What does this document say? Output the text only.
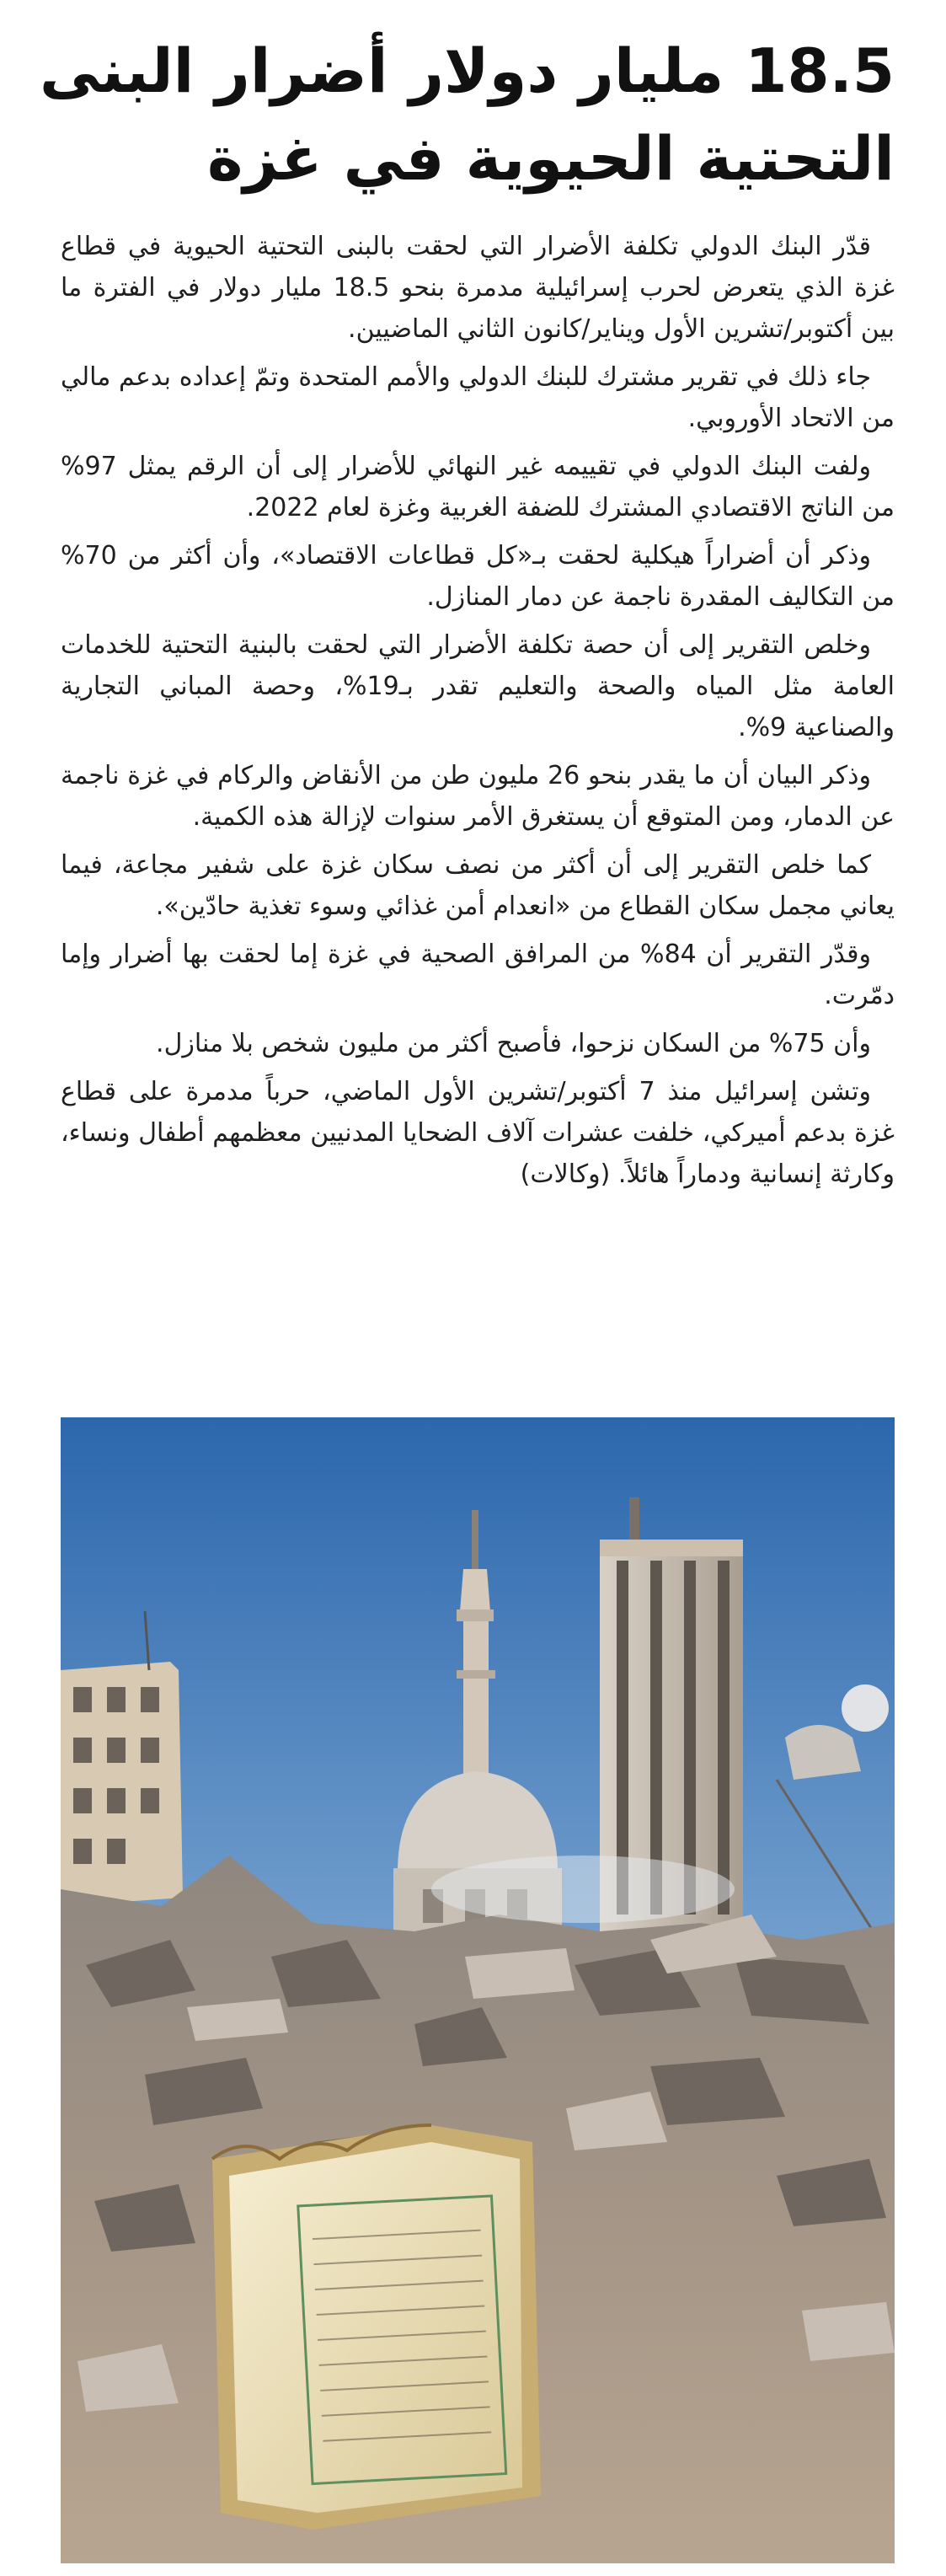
18.5 مليار دولار أضرار البنى
التحتية الحيوية في غزة

قدّر البنك الدولي تكلفة الأضرار التي لحقت بالبنى التحتية الحيوية في قطاع غزة الذي يتعرض لحرب إسرائيلية مدمرة بنحو 18.5 مليار دولار في الفترة ما بين أكتوبر/تشرين الأول ويناير/كانون الثاني الماضيين.

جاء ذلك في تقرير مشترك للبنك الدولي والأمم المتحدة وتمّ إعداده بدعم مالي من الاتحاد الأوروبي.

ولفت البنك الدولي في تقييمه غير النهائي للأضرار إلى أن الرقم يمثل 97% من الناتج الاقتصادي المشترك للضفة الغربية وغزة لعام 2022.

وذكر أن أضراراً هيكلية لحقت بـ«كل قطاعات الاقتصاد»، وأن أكثر من 70% من التكاليف المقدرة ناجمة عن دمار المنازل.

وخلص التقرير إلى أن حصة تكلفة الأضرار التي لحقت بالبنية التحتية للخدمات العامة مثل المياه والصحة والتعليم تقدر بـ19%، وحصة المباني التجارية والصناعية 9%.

وذكر البيان أن ما يقدر بنحو 26 مليون طن من الأنقاض والركام في غزة ناجمة عن الدمار، ومن المتوقع أن يستغرق الأمر سنوات لإزالة هذه الكمية.

كما خلص التقرير إلى أن أكثر من نصف سكان غزة على شفير مجاعة، فيما يعاني مجمل سكان القطاع من «انعدام أمن غذائي وسوء تغذية حادّين».

وقدّر التقرير أن 84% من المرافق الصحية في غزة إما لحقت بها أضرار وإما دمّرت.

وأن 75% من السكان نزحوا، فأصبح أكثر من مليون شخص بلا منازل.

وتشن إسرائيل منذ 7 أكتوبر/تشرين الأول الماضي، حرباً مدمرة على قطاع غزة بدعم أميركي، خلفت عشرات آلاف الضحايا المدنيين معظمهم أطفال ونساء، وكارثة إنسانية ودماراً هائلاً. (وكالات)
